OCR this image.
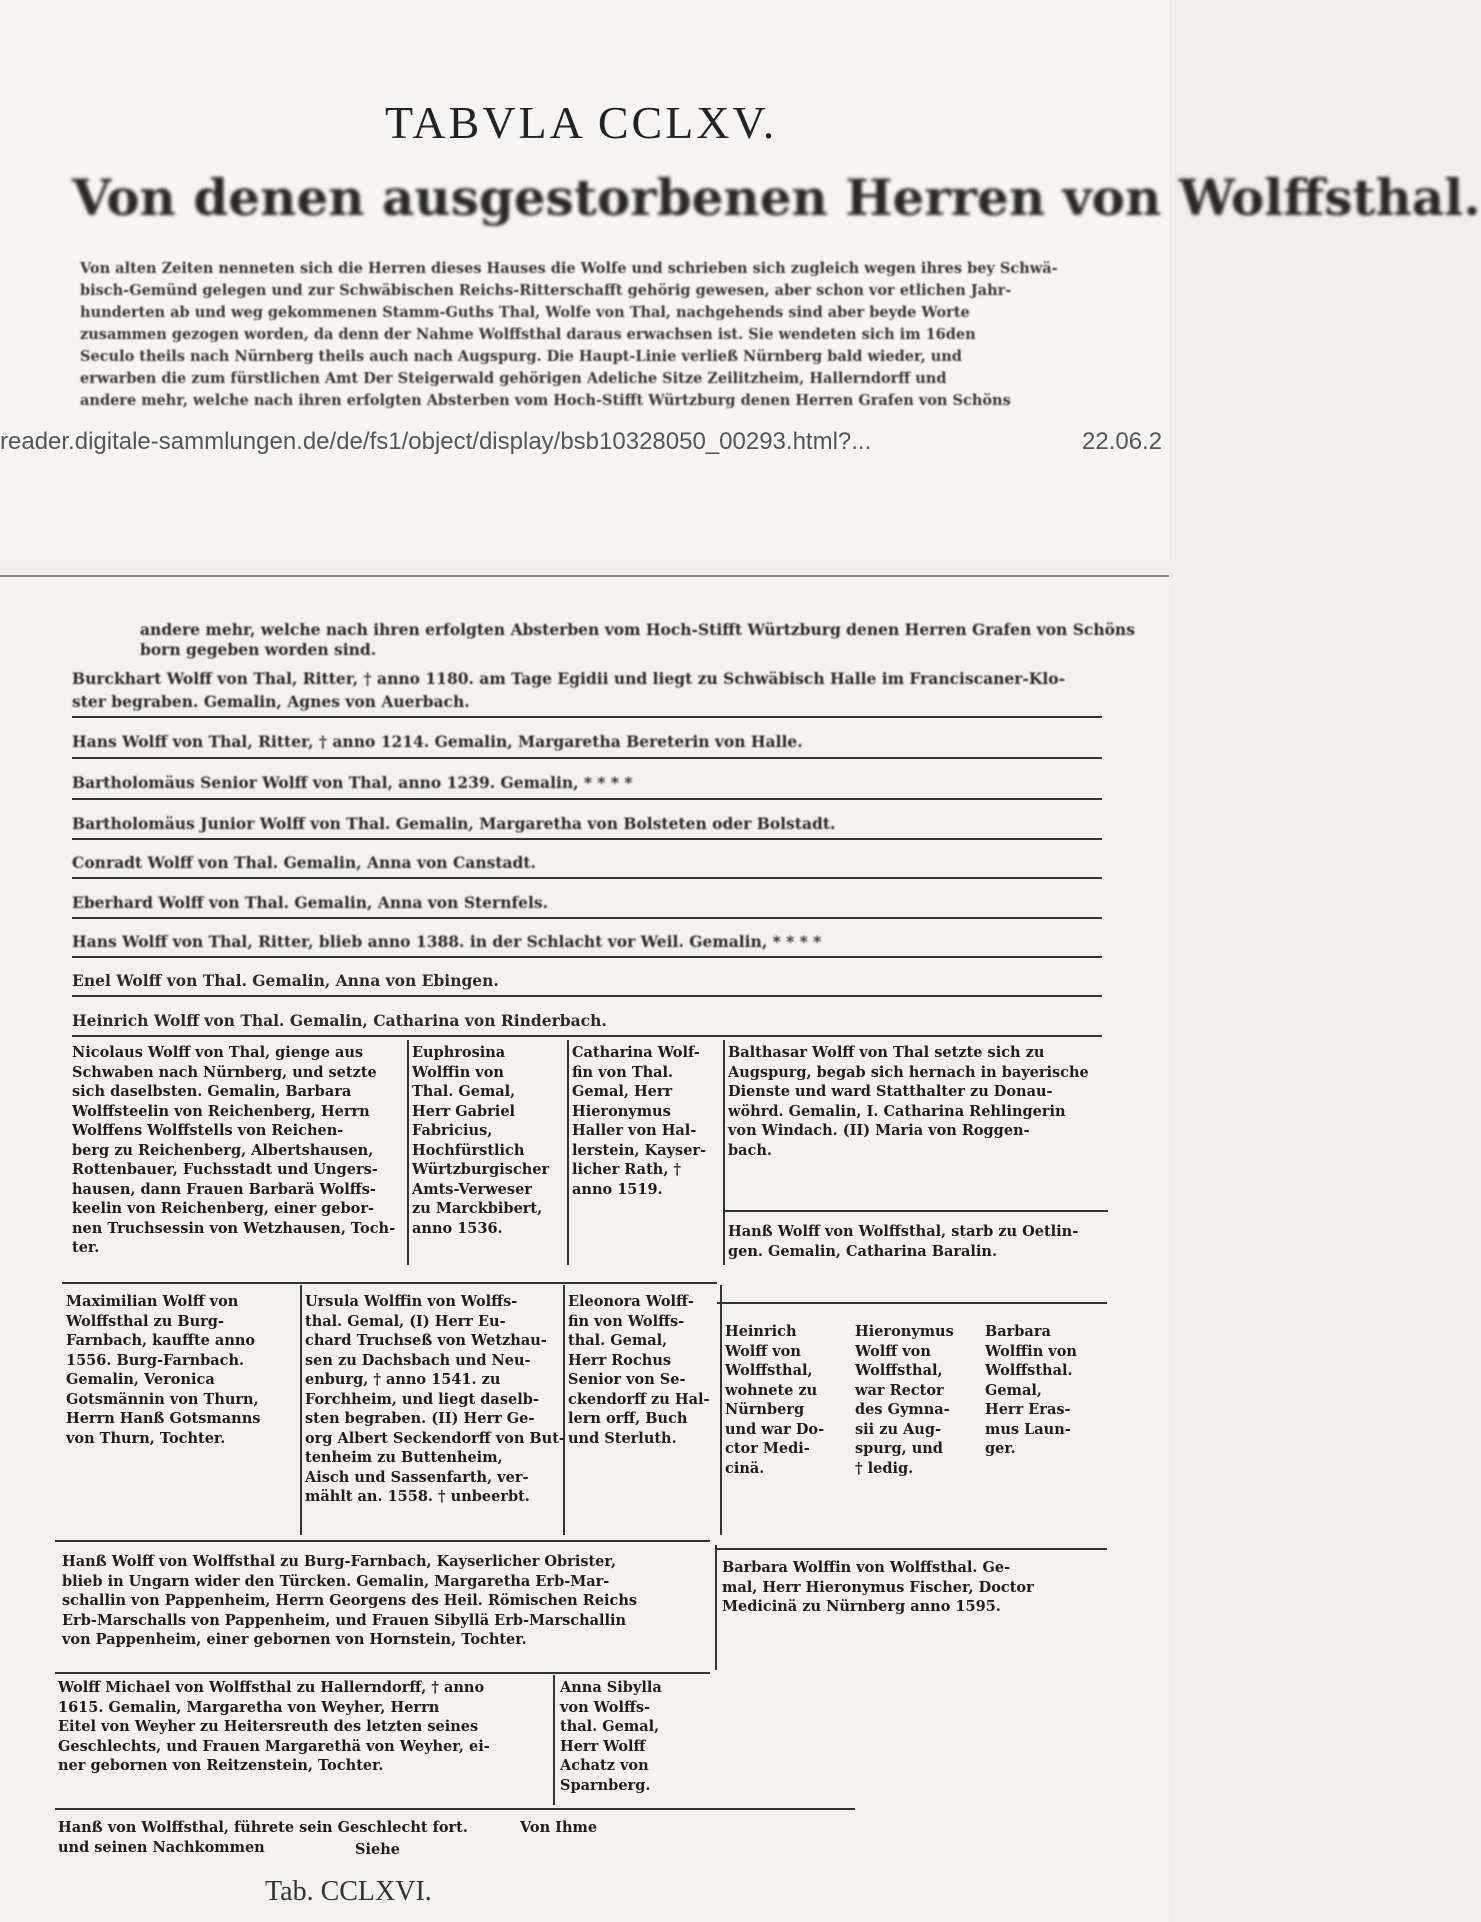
TABVLA CCLXV.
Von denen ausgestorbenen Herren von Wolffsthal.
Von alten Zeiten nenneten sich die Herren dieses Hauses die Wolfe und schrieben sich zugleich wegen ihres bey Schwä-
bisch-Gemünd gelegen und zur Schwäbischen Reichs-Ritterschafft gehörig gewesen, aber schon vor etlichen Jahr-
hunderten ab und weg gekommenen Stamm-Guths Thal, Wolfe von Thal, nachgehends sind aber beyde Worte
zusammen gezogen worden, da denn der Nahme Wolffsthal daraus erwachsen ist. Sie wendeten sich im 16den
Seculo theils nach Nürnberg theils auch nach Augspurg. Die Haupt-Linie verließ Nürnberg bald wieder, und
erwarben die zum fürstlichen Amt Der Steigerwald gehörigen Adeliche Sitze Zeilitzheim, Hallerndorff und
andere mehr, welche nach ihren erfolgten Absterben vom Hoch-Stifft Würtzburg denen Herren Grafen von Schöns
reader.digitale-sammlungen.de/de/fs1/object/display/bsb10328050_00293.html?...	22.06.2
andere mehr, welche nach ihren erfolgten Absterben vom Hoch-Stifft Würtzburg denen Herren Grafen von Schöns
born gegeben worden sind.
Burckhart Wolff von Thal, Ritter, † anno 1180. am Tage Egidii und liegt zu Schwäbisch Halle im Franciscaner-Klo-
ster begraben. Gemalin, Agnes von Auerbach.
Hans Wolff von Thal, Ritter, † anno 1214. Gemalin, Margaretha Bereterin von Halle.
Bartholomäus Senior Wolff von Thal, anno 1239. Gemalin, * * * *
Bartholomäus Junior Wolff von Thal. Gemalin, Margaretha von Bolsteten oder Bolstadt.
Conradt Wolff von Thal. Gemalin, Anna von Canstadt.
Eberhard Wolff von Thal. Gemalin, Anna von Sternfels.
Hans Wolff von Thal, Ritter, blieb anno 1388. in der Schlacht vor Weil. Gemalin, * * * *
Enel Wolff von Thal. Gemalin, Anna von Ebingen.
Heinrich Wolff von Thal. Gemalin, Catharina von Rinderbach.
Nicolaus Wolff von Thal, gienge aus
Schwaben nach Nürnberg, und setzte
sich daselbsten. Gemalin, Barbara
Wolffsteelin von Reichenberg, Herrn
Wolffens Wolffstells von Reichen-
berg zu Reichenberg, Albertshausen,
Rottenbauer, Fuchsstadt und Ungers-
hausen, dann Frauen Barbarä Wolffs-
keelin von Reichenberg, einer gebor-
nen Truchsessin von Wetzhausen, Toch-
ter.
Euphrosina
Wolffin von
Thal. Gemal,
Herr Gabriel
Fabricius,
Hochfürstlich
Würtzburgischer
Amts-Verweser
zu Marckbibert,
anno 1536.
Catharina Wolf-
fin von Thal.
Gemal, Herr
Hieronymus
Haller von Hal-
lerstein, Kayser-
licher Rath, †
anno 1519.
Balthasar Wolff von Thal setzte sich zu
Augspurg, begab sich hernach in bayerische
Dienste und ward Statthalter zu Donau-
wöhrd. Gemalin, I. Catharina Rehlingerin
von Windach. (II) Maria von Roggen-
bach.
Hanß Wolff von Wolffsthal, starb zu Oetlin-
gen. Gemalin, Catharina Baralin.
Maximilian Wolff von
Wolffsthal zu Burg-
Farnbach, kauffte anno
1556. Burg-Farnbach.
Gemalin, Veronica
Gotsmännin von Thurn,
Herrn Hanß Gotsmanns
von Thurn, Tochter.
Ursula Wolffin von Wolffs-
thal. Gemal, (I) Herr Eu-
chard Truchseß von Wetzhau-
sen zu Dachsbach und Neu-
enburg, † anno 1541. zu
Forchheim, und liegt daselb-
sten begraben. (II) Herr Ge-
org Albert Seckendorff von But-
tenheim zu Buttenheim,
Aisch und Sassenfarth, ver-
mählt an. 1558. † unbeerbt.
Eleonora Wolff-
fin von Wolffs-
thal. Gemal,
Herr Rochus
Senior von Se-
ckendorff zu Hal-
lern orff, Buch
und Sterluth.
Heinrich
Wolff von
Wolffsthal,
wohnete zu
Nürnberg
und war Do-
ctor Medi-
cinä.
Hieronymus
Wolff von
Wolffsthal,
war Rector
des Gymna-
sii zu Aug-
spurg, und
† ledig.
Barbara
Wolffin von
Wolffsthal.
Gemal,
Herr Eras-
mus Laun-
ger.
Hanß Wolff von Wolffsthal zu Burg-Farnbach, Kayserlicher Obrister,
blieb in Ungarn wider den Türcken. Gemalin, Margaretha Erb-Mar-
schallin von Pappenheim, Herrn Georgens des Heil. Römischen Reichs
Erb-Marschalls von Pappenheim, und Frauen Sibyllä Erb-Marschallin
von Pappenheim, einer gebornen von Hornstein, Tochter.
Barbara Wolffin von Wolffsthal. Ge-
mal, Herr Hieronymus Fischer, Doctor
Medicinä zu Nürnberg anno 1595.
Wolff Michael von Wolffsthal zu Hallerndorff, † anno
1615. Gemalin, Margaretha von Weyher, Herrn
Eitel von Weyher zu Heitersreuth des letzten seines
Geschlechts, und Frauen Margarethä von Weyher, ei-
ner gebornen von Reitzenstein, Tochter.
Anna Sibylla
von Wolffs-
thal. Gemal,
Herr Wolff
Achatz von
Sparnberg.
Hanß von Wolffsthal, führete sein Geschlecht fort.
und seinen Nachkommen
Von Ihme
Siehe
Tab. CCLXVI.
